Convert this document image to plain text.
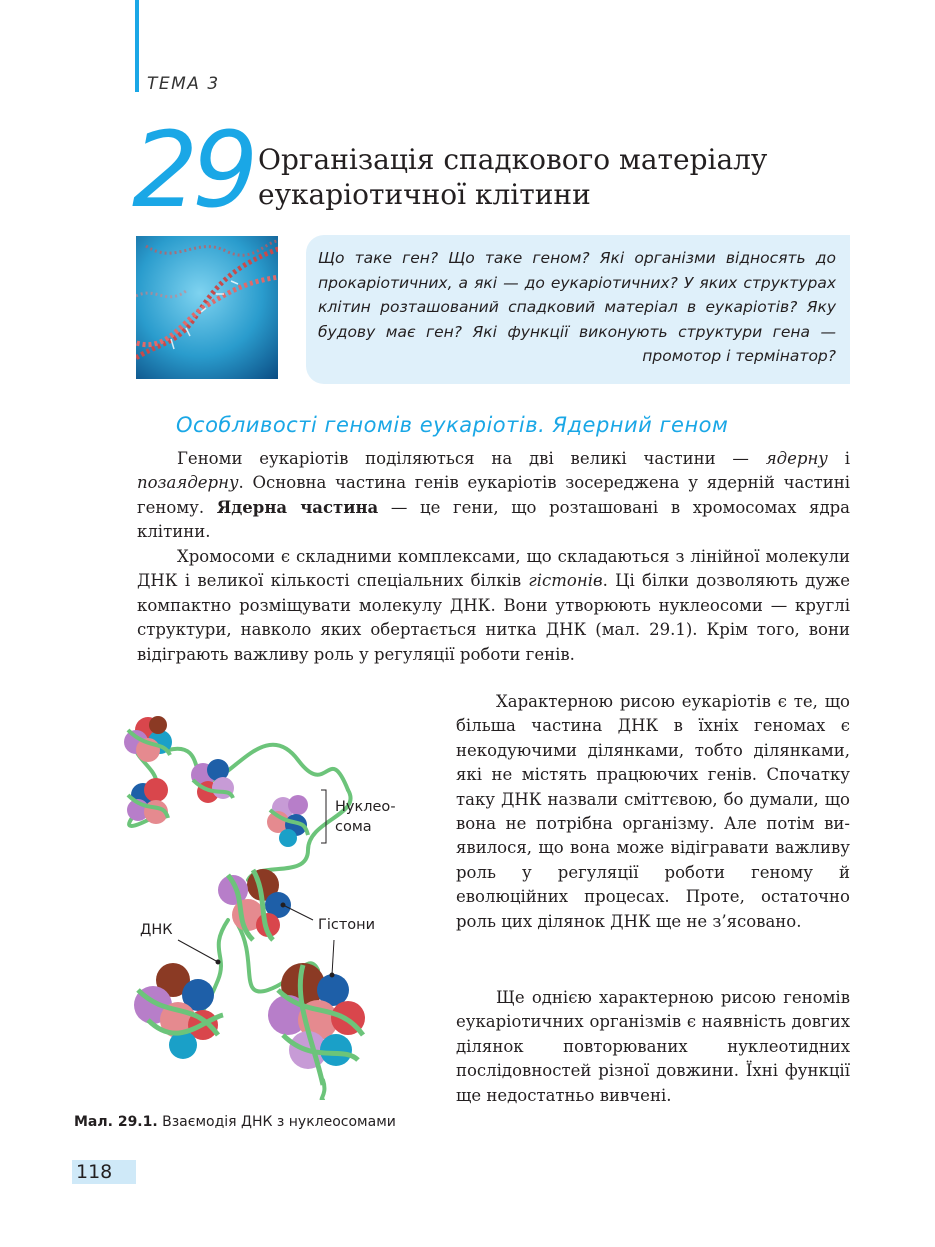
ТЕМА 3
29 Організація спадкового матеріалу
еукаріотичної клітини
Що таке ген? Що таке геном? Які організми відносять до прокаріотичних, а які — до еукаріотичних? У яких структурах клітин розташований спадковий матеріал в еукаріотів? Яку будову має ген? Які функції виконують структури гена — промотор і термінатор?
Особливості геномів еукаріотів. Ядерний геном

Геноми еукаріотів поділяються на дві великі частини — ядерну і позаядерну. Основна частина генів еукаріотів зосереджена у ядерній частині геному. Ядерна частина — це гени, що розташовані в хромосомах ядра клітини.

Хромосоми є складними комплексами, що складаються з лінійної молекули ДНК і великої кількості спеціальних білків гістонів. Ці білки дозволяють дуже компактно розміщувати молекулу ДНК. Вони утворюють нуклеосоми — круглі структури, навколо яких обертається нитка ДНК (мал. 29.1). Крім того, вони відіграють важливу роль у регуляції роботи генів.

Нуклеосома
Гістони
ДНК
Мал. 29.1. Взаємодія ДНК з нуклеосомами

Характерною рисою еукаріотів є те, що більша частина ДНК в їхніх геномах є некодуючими ділянками, тобто ділянками, які не містять працюючих генів. Спочатку таку ДНК назвали сміттєвою, бо думали, що вона не потрібна організму. Але потім виявилося, що вона може відігравати важливу роль у регуляції роботи геному й еволюційних процесах. Проте, остаточно роль цих ділянок ДНК ще не з’ясовано.

Ще однією характерною рисою геномів еукаріотичних організмів є наявність довгих ділянок повторюваних нуклеотидних послідовностей різної довжини. Їхні функції ще недостатньо вивчені.

118
